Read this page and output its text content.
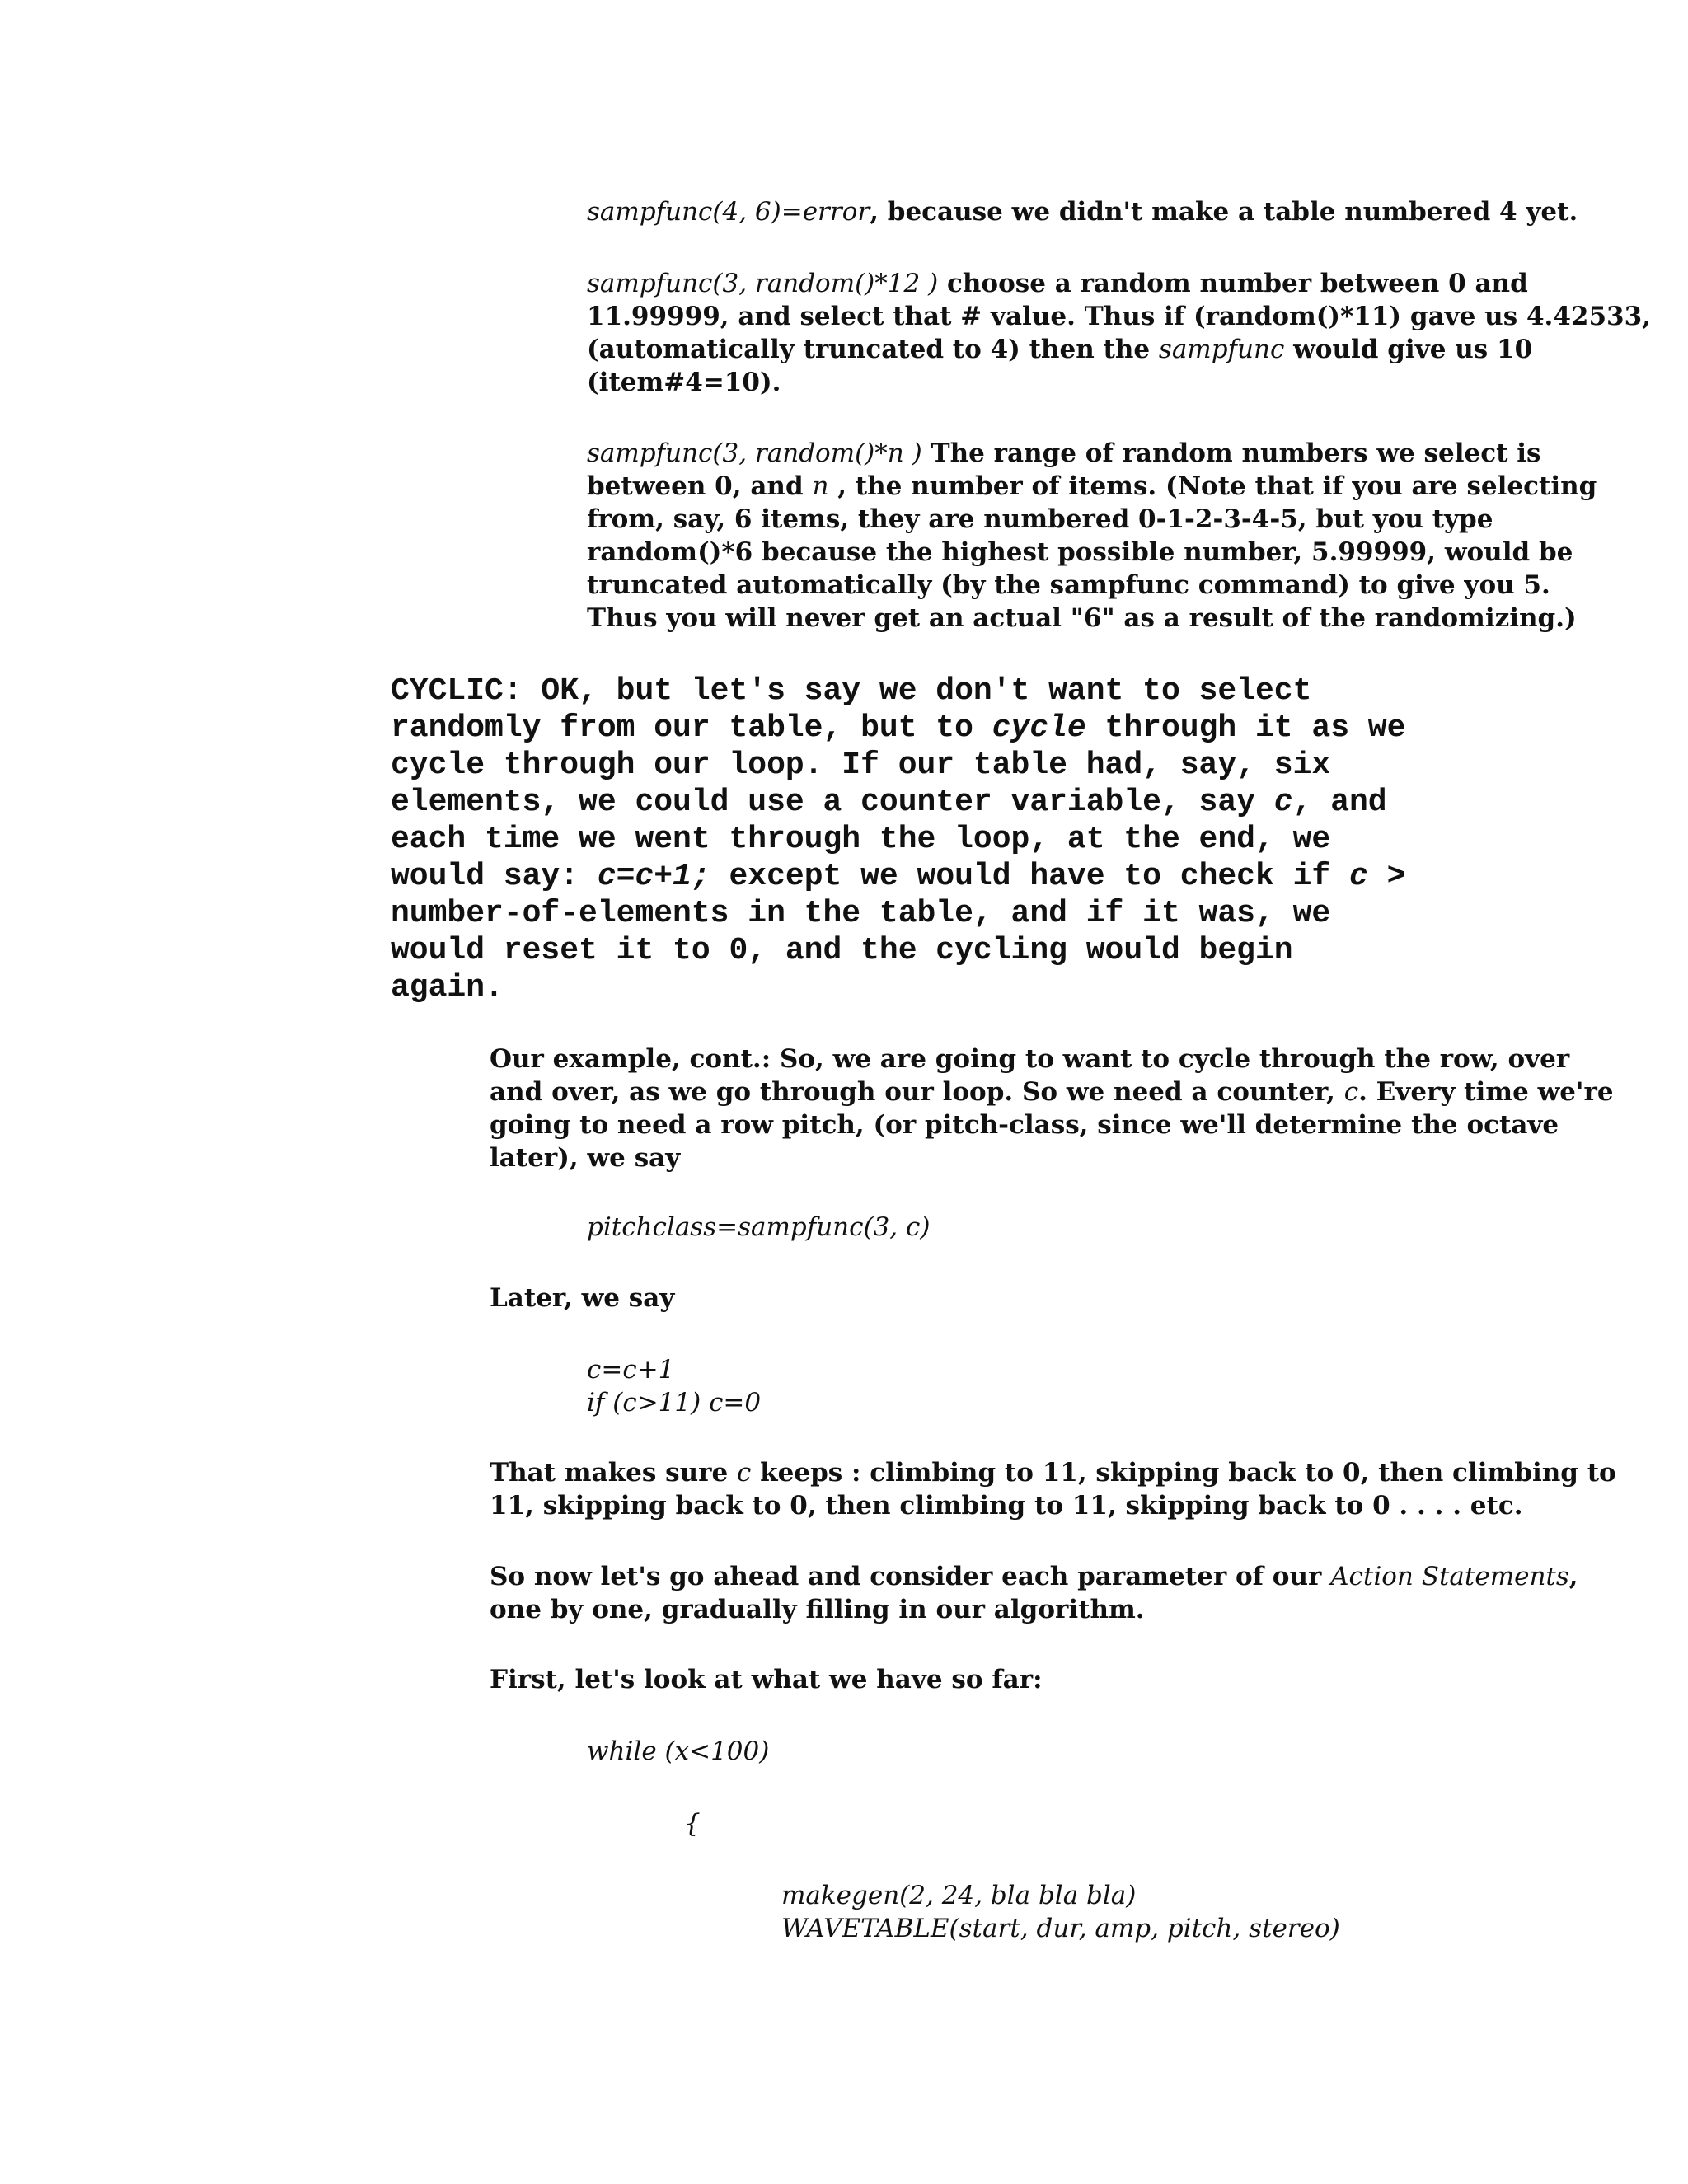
sampfunc(4, 6)=error, because we didn't make a table numbered 4 yet.

sampfunc(3, random()*12 ) choose a random number between 0 and
11.99999, and select that # value. Thus if (random()*11) gave us 4.42533,
(automatically truncated to 4) then the sampfunc would give us 10
(item#4=10).
sampfunc(3, random()*n ) The range of random numbers we select is
between 0, and n , the number of items. (Note that if you are selecting
from, say, 6 items, they are numbered 0-1-2-3-4-5, but you type
random()*6 because the highest possible number, 5.99999, would be
truncated automatically (by the sampfunc command) to give you 5.
Thus you will never get an actual "6" as a result of the randomizing.)
CYCLIC: OK, but let's say we don't want to select
randomly from our table, but to cycle through it as we
cycle through our loop. If our table had, say, six
elements, we could use a counter variable, say c, and
each time we went through the loop, at the end, we
would say: c=c+1; except we would have to check if c >
number-of-elements in the table, and if it was, we
would reset it to 0, and the cycling would begin
again.
Our example, cont.: So, we are going to want to cycle through the row, over
and over, as we go through our loop. So we need a counter, c. Every time we're
going to need a row pitch, (or pitch-class, since we'll determine the octave
later), we say
pitchclass=sampfunc(3, c)
Later, we say
c=c+1
if (c>11) c=0
That makes sure c keeps : climbing to 11, skipping back to 0, then climbing to
11, skipping back to 0, then climbing to 11, skipping back to 0 . . . . etc.
So now let's go ahead and consider each parameter of our Action Statements,
one by one, gradually filling in our algorithm.
First, let's look at what we have so far:
while (x<100)
{
makegen(2, 24, bla bla bla)
WAVETABLE(start, dur, amp, pitch, stereo)
